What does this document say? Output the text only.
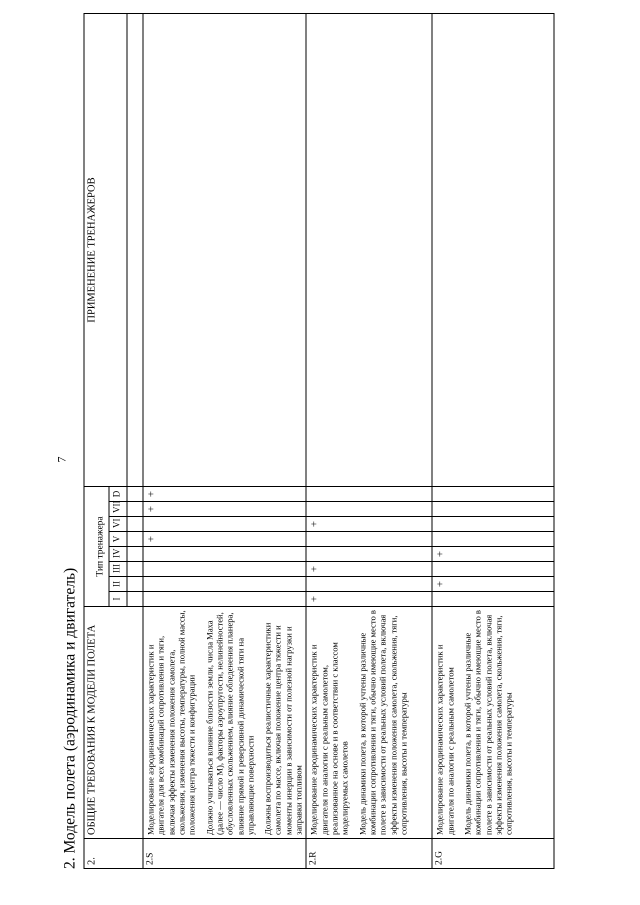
7
2. Модель полета (аэродинамика и двигатель) 2.	ОБЩИЕ ТРЕБОВАНИЯ К МОДЕЛИ ПОЛЕТА	Тип тренажера								ПРИМЕНЕНИЕ ТРЕНАЖЕРОВ
		I	II	III	IV	V	VI	VII	D	

2.S	Моделирование аэродинамических характеристик и двигателя для всех комбинаций сопротивления и тяги, включая эффекты изменения положения самолета, скольжения, изменения высоты, температуры, полной массы, положения центра тяжести и конфигурации Должно учитываться влияние близости земли, числа Маха (далее — число М), факторы аэроупругости, нелинейностей, обусловленных скольжением, влияние обледенения планера, влияние прямой и реверсивной динамической тяги на управляющие поверхности Должны воспроизводиться реалистичные характеристики самолета по массе, включая положение центра тяжести и моменты инерции в зависимости от полезной нагрузки и заправки топливом					+		+	+	
2.R	Моделирование аэродинамических характеристик и двигателя по аналогии с реальным самолетом, реализованное на основе и в соответствии с классом моделируемых самолетов Модель динамики полета, в которой учтены различные комбинации сопротивления и тяги, обычно имеющие место в полете в зависимости от реальных условий полета, включая эффекты изменения положения самолета, скольжения, тяги, сопротивления, высоты и температуры	+		+			+			
2.G	Моделирование аэродинамических характеристик и двигателя по аналогии с реальным самолетом Модель динамики полета, в которой учтены различные комбинации сопротивления и тяги, обычно имеющие место в полете в зависимости от реальных условий полета, включая эффекты изменения положения самолета, скольжения, тяги, сопротивления, высоты и температуры		+		+					
